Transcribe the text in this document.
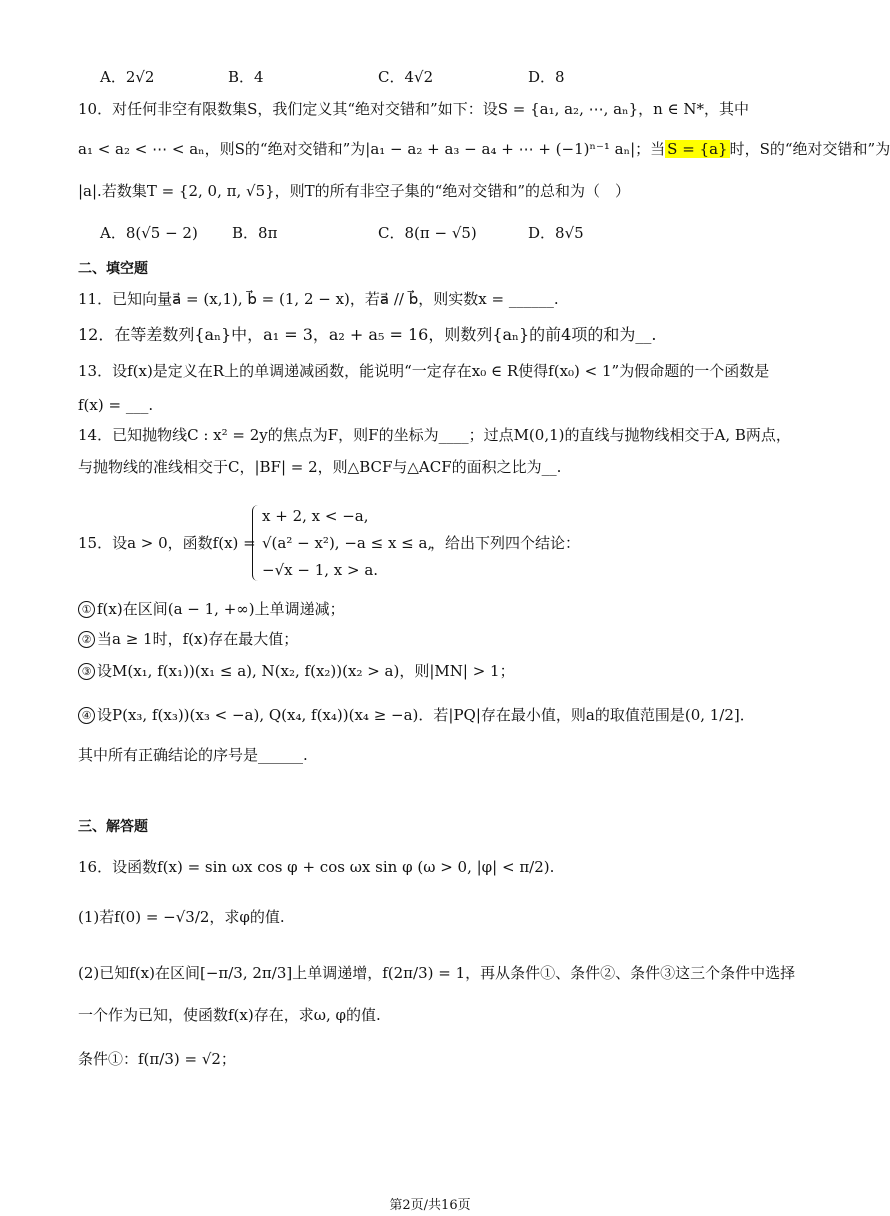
A．2√2	B．4	C．4√2	D．8
10．对任何非空有限数集S，我们定义其“绝对交错和”如下：设S = {a₁, a₂, ⋯, aₙ}，n ∈ N*，其中
a₁ < a₂ < ⋯ < aₙ，则S的“绝对交错和”为|a₁ − a₂ + a₃ − a₄ + ⋯ + (−1)ⁿ⁻¹ aₙ|；当 S = {a} 时，S的“绝对交错和”为
|a|.若数集T = {2, 0, π, √5}，则T的所有非空子集的“绝对交错和”的总和为（　）
A．8(√5 − 2) B．8π	C．8(π − √5)	D．8√5
二、填空题
11．已知向量a⃗ = (x,1), b⃗ = (1, 2 − x)，若a⃗ // b⃗，则实数x = ______.
12．在等差数列{aₙ}中，a₁ = 3，a₂ + a₅ = 16，则数列{aₙ}的前4项的和为__.
13．设f(x)是定义在R上的单调递减函数，能说明“一定存在x₀ ∈ R使得f(x₀) < 1”为假命题的一个函数是
f(x) = ___.
14．已知抛物线C : x² = 2y的焦点为F，则F的坐标为____；过点M(0,1)的直线与抛物线相交于A, B两点，
与抛物线的准线相交于C，|BF| = 2，则△BCF与△ACF的面积之比为__.
15．设a > 0，函数f(x) =
x + 2, x < −a,
√(a² − x²), −a ≤ x ≤ a,
−√x − 1, x > a.
，给出下列四个结论：
① f(x)在区间(a − 1, +∞)上单调递减；
② 当a ≥ 1时，f(x)存在最大值；
③ 设M(x₁, f(x₁))(x₁ ≤ a), N(x₂, f(x₂))(x₂ > a)，则|MN| > 1；
④ 设P(x₃, f(x₃))(x₃ < −a), Q(x₄, f(x₄))(x₄ ≥ −a)．若|PQ|存在最小值，则a的取值范围是(0, 1/2]．
其中所有正确结论的序号是______.
三、解答题
16．设函数f(x) = sin ωx cos φ + cos ωx sin φ (ω > 0, |φ| < π/2).
(1)若f(0) = −√3/2，求φ的值.
(2)已知f(x)在区间[−π/3, 2π/3]上单调递增，f(2π/3) = 1，再从条件①、条件②、条件③这三个条件中选择
一个作为已知，使函数f(x)存在，求ω, φ的值.
条件①：f(π/3) = √2；
第2页/共16页
